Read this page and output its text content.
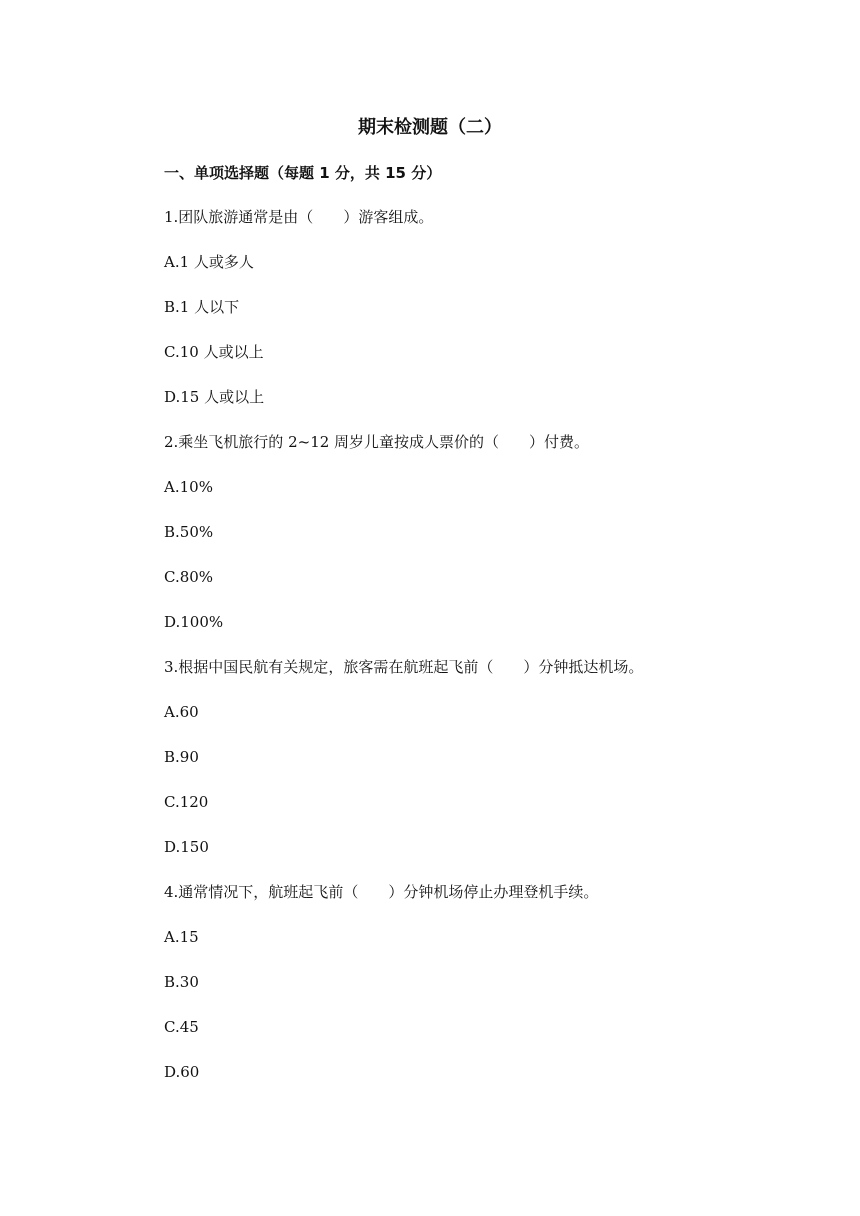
期末检测题（二）
一、单项选择题（每题 1 分，共 15 分）
1.团队旅游通常是由（　　）游客组成。
A.1 人或多人
B.1 人以下
C.10 人或以上
D.15 人或以上
2.乘坐飞机旅行的 2~12 周岁儿童按成人票价的（　　）付费。
A.10%
B.50%
C.80%
D.100%
3.根据中国民航有关规定，旅客需在航班起飞前（　　）分钟抵达机场。
A.60
B.90
C.120
D.150
4.通常情况下，航班起飞前（　　）分钟机场停止办理登机手续。
A.15
B.30
C.45
D.60
